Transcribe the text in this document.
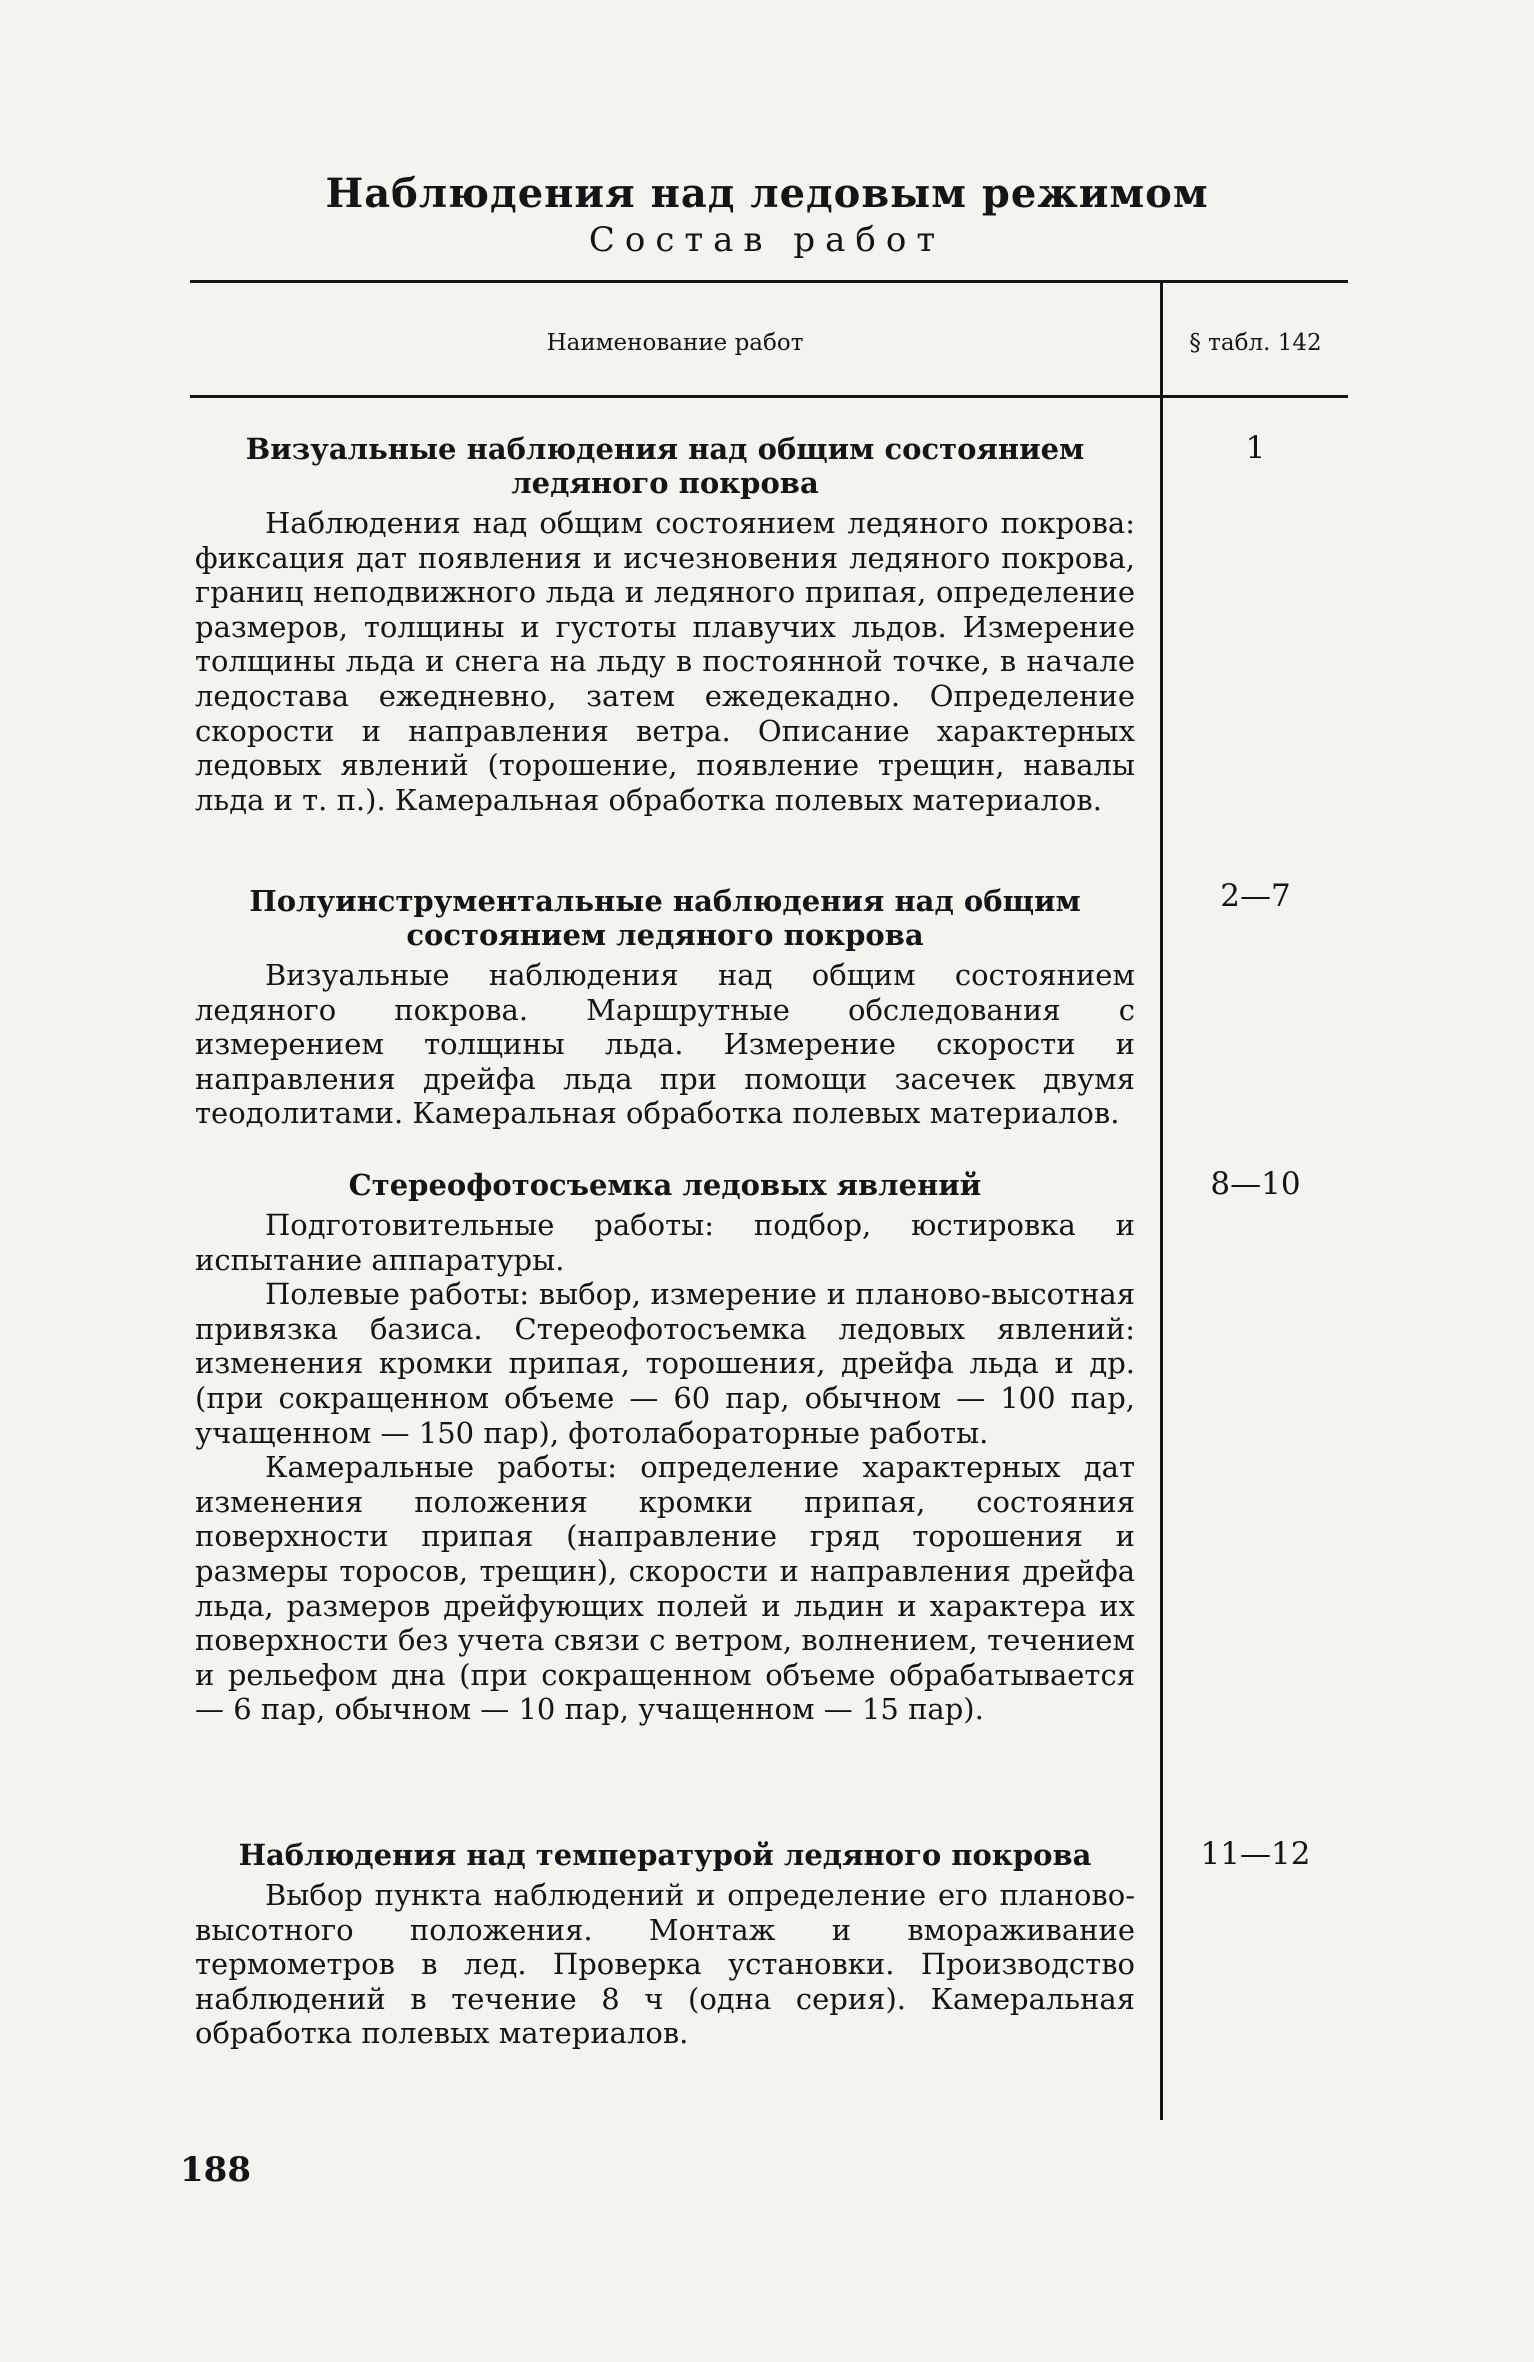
Наблюдения над ледовым режимом
Состав работ
Наименование работ	§ табл. 142

Визуальные наблюдения над общим состоянием ледяного покрова

Наблюдения над общим состоянием ледяного покрова: фиксация дат появления и исчезновения ледяного покрова, границ неподвижного льда и ледяного припая, определение размеров, толщины и густоты плавучих льдов. Измерение толщины льда и снега на льду в постоянной точке, в начале ледостава ежедневно, затем ежедекадно. Определение скорости и направления ветра. Описание характерных ледовых явлений (торошение, появление трещин, навалы льда и т. п.). Камеральная обработка полевых материалов.

1

Полуинструментальные наблюдения над общим состоянием ледяного покрова

Визуальные наблюдения над общим состоянием ледяного покрова. Маршрутные обследования с измерением толщины льда. Измерение скорости и направления дрейфа льда при помощи засечек двумя теодолитами. Камеральная обработка полевых материалов.

2—7

Стереофотосъемка ледовых явлений

Подготовительные работы: подбор, юстировка и испытание аппаратуры.

Полевые работы: выбор, измерение и планово-высотная привязка базиса. Стереофотосъемка ледовых явлений: изменения кромки припая, торошения, дрейфа льда и др. (при сокращенном объеме — 60 пар, обычном — 100 пар, учащенном — 150 пар), фотолабораторные работы.

Камеральные работы: определение характерных дат изменения положения кромки припая, состояния поверхности припая (направление гряд торошения и размеры торосов, трещин), скорости и направления дрейфа льда, размеров дрейфующих полей и льдин и характера их поверхности без учета связи с ветром, волнением, течением и рельефом дна (при сокращенном объеме обрабатывается — 6 пар, обычном — 10 пар, учащенном — 15 пар).

8—10

Наблюдения над температурой ледяного покрова

Выбор пункта наблюдений и определение его планово-высотного положения. Монтаж и вмораживание термометров в лед. Проверка установки. Производство наблюдений в течение 8 ч (одна серия). Камеральная обработка полевых материалов.

11—12
188
